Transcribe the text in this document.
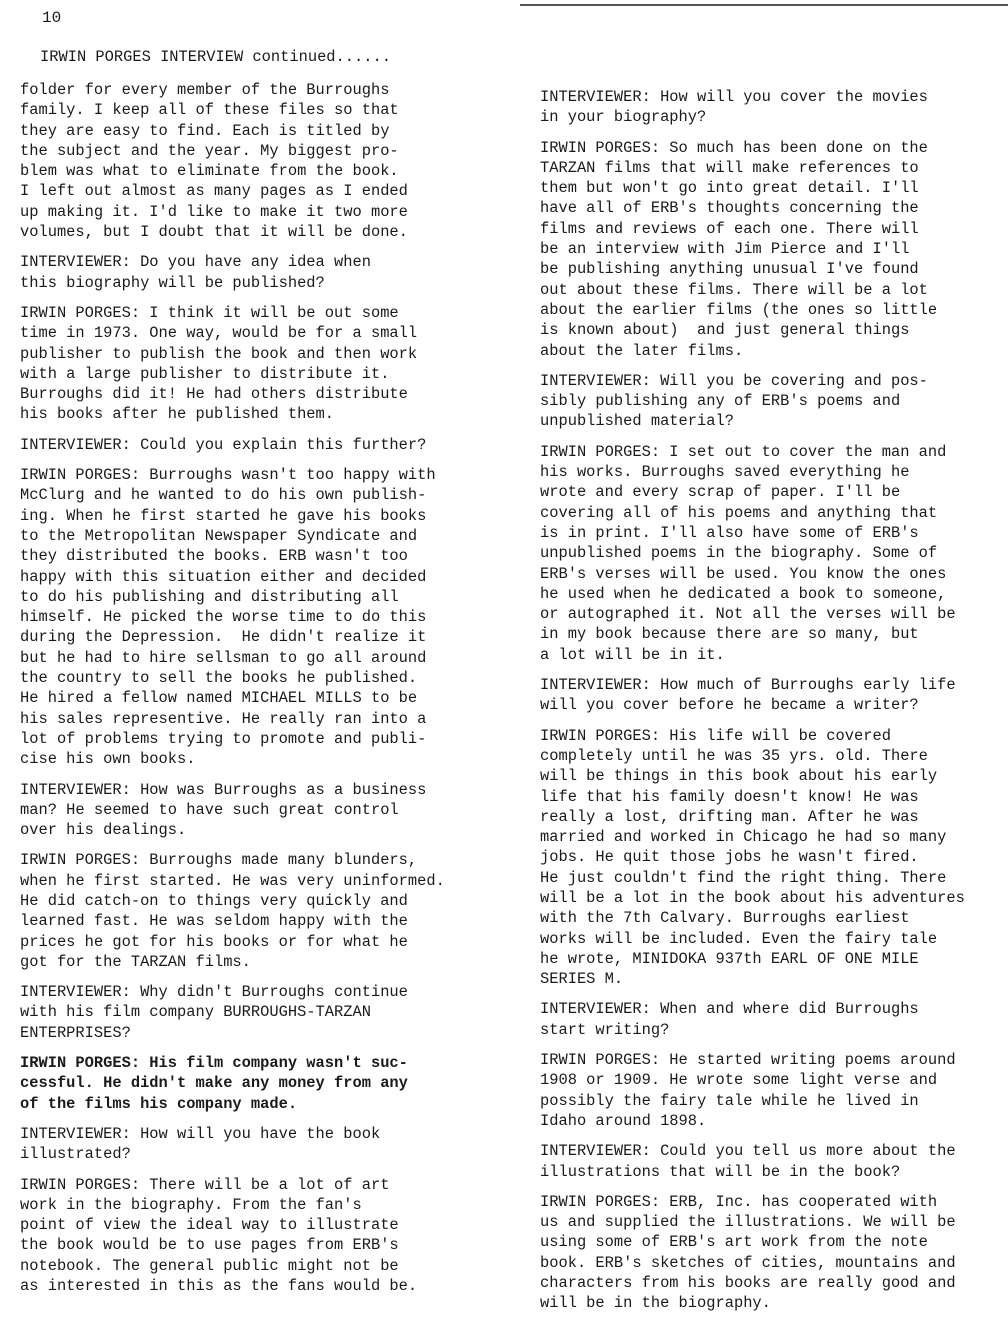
10
IRWIN PORGES INTERVIEW continued......
folder for every member of the Burroughs
family. I keep all of these files so that
they are easy to find. Each is titled by
the subject and the year. My biggest pro-
blem was what to eliminate from the book.
I left out almost as many pages as I ended
up making it. I'd like to make it two more
volumes, but I doubt that it will be done.
INTERVIEWER: Do you have any idea when
this biography will be published?
IRWIN PORGES: I think it will be out some
time in 1973. One way, would be for a small
publisher to publish the book and then work
with a large publisher to distribute it.
Burroughs did it! He had others distribute
his books after he published them.
INTERVIEWER: Could you explain this further?
IRWIN PORGES: Burroughs wasn't too happy with
McClurg and he wanted to do his own publish-
ing. When he first started he gave his books
to the Metropolitan Newspaper Syndicate and
they distributed the books. ERB wasn't too
happy with this situation either and decided
to do his publishing and distributing all
himself. He picked the worse time to do this
during the Depression.  He didn't realize it
but he had to hire sellsman to go all around
the country to sell the books he published.
He hired a fellow named MICHAEL MILLS to be
his sales representive. He really ran into a
lot of problems trying to promote and publi-
cise his own books.
INTERVIEWER: How was Burroughs as a business
man? He seemed to have such great control
over his dealings.
IRWIN PORGES: Burroughs made many blunders,
when he first started. He was very uninformed.
He did catch-on to things very quickly and
learned fast. He was seldom happy with the
prices he got for his books or for what he
got for the TARZAN films.
INTERVIEWER: Why didn't Burroughs continue
with his film company BURROUGHS-TARZAN
ENTERPRISES?
IRWIN PORGES: His film company wasn't suc-
cessful. He didn't make any money from any
of the films his company made.
INTERVIEWER: How will you have the book
illustrated?
IRWIN PORGES: There will be a lot of art
work in the biography. From the fan's
point of view the ideal way to illustrate
the book would be to use pages from ERB's
notebook. The general public might not be
as interested in this as the fans would be.
INTERVIEWER: How will you cover the movies
in your biography?
IRWIN PORGES: So much has been done on the
TARZAN films that will make references to
them but won't go into great detail. I'll
have all of ERB's thoughts concerning the
films and reviews of each one. There will
be an interview with Jim Pierce and I'll
be publishing anything unusual I've found
out about these films. There will be a lot
about the earlier films (the ones so little
is known about)  and just general things
about the later films.
INTERVIEWER: Will you be covering and pos-
sibly publishing any of ERB's poems and
unpublished material?
IRWIN PORGES: I set out to cover the man and
his works. Burroughs saved everything he
wrote and every scrap of paper. I'll be
covering all of his poems and anything that
is in print. I'll also have some of ERB's
unpublished poems in the biography. Some of
ERB's verses will be used. You know the ones
he used when he dedicated a book to someone,
or autographed it. Not all the verses will be
in my book because there are so many, but
a lot will be in it.
INTERVIEWER: How much of Burroughs early life
will you cover before he became a writer?
IRWIN PORGES: His life will be covered
completely until he was 35 yrs. old. There
will be things in this book about his early
life that his family doesn't know! He was
really a lost, drifting man. After he was
married and worked in Chicago he had so many
jobs. He quit those jobs he wasn't fired.
He just couldn't find the right thing. There
will be a lot in the book about his adventures
with the 7th Calvary. Burroughs earliest
works will be included. Even the fairy tale
he wrote, MINIDOKA 937th EARL OF ONE MILE
SERIES M.
INTERVIEWER: When and where did Burroughs
start writing?
IRWIN PORGES: He started writing poems around
1908 or 1909. He wrote some light verse and
possibly the fairy tale while he lived in
Idaho around 1898.
INTERVIEWER: Could you tell us more about the
illustrations that will be in the book?
IRWIN PORGES: ERB, Inc. has cooperated with
us and supplied the illustrations. We will be
using some of ERB's art work from the note
book. ERB's sketches of cities, mountains and
characters from his books are really good and
will be in the biography.
